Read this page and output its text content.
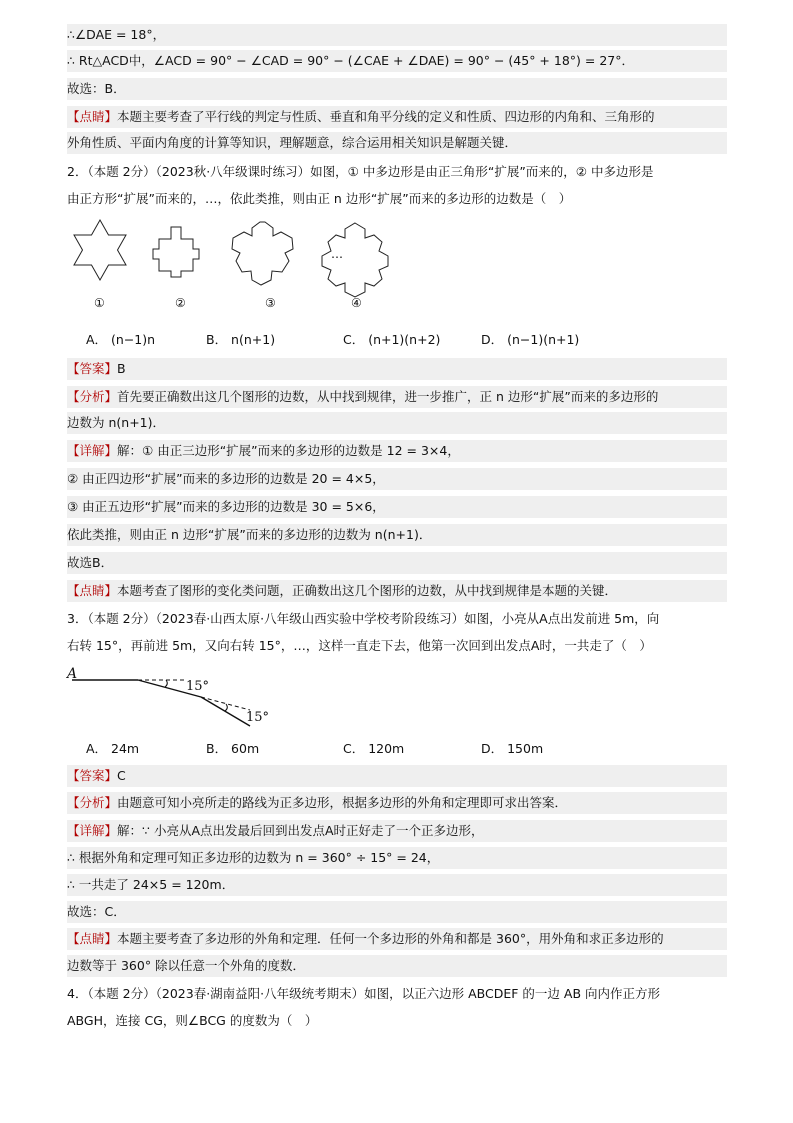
∴∠DAE = 18°，
∴ Rt△ACD中，∠ACD = 90° − ∠CAD = 90° − (∠CAE + ∠DAE) = 90° − (45° + 18°) = 27°．
故选：B．
【点睛】本题主要考查了平行线的判定与性质、垂直和角平分线的定义和性质、四边形的内角和、三角形的
外角性质、平面内角度的计算等知识，理解题意，综合运用相关知识是解题关键．
2．（本题 2分）（2023秋·八年级课时练习）如图，① 中多边形是由正三角形“扩展”而来的，② 中多边形是
由正方形“扩展”而来的，…，依此类推，则由正 n 边形“扩展”而来的多边形的边数是（　）
…
①	②	③	④
A． (n−1)n	B． n(n+1)	C． (n+1)(n+2)	D． (n−1)(n+1)
【答案】B
【分析】首先要正确数出这几个图形的边数，从中找到规律，进一步推广，正 n 边形“扩展”而来的多边形的
边数为 n(n+1)．
【详解】解：① 由正三边形“扩展”而来的多边形的边数是 12 = 3×4，
② 由正四边形“扩展”而来的多边形的边数是 20 = 4×5，
③ 由正五边形“扩展”而来的多边形的边数是 30 = 5×6，
依此类推，则由正 n 边形“扩展”而来的多边形的边数为 n(n+1)．
故选B．
【点睛】本题考查了图形的变化类问题，正确数出这几个图形的边数，从中找到规律是本题的关键．
3．（本题 2分）（2023春·山西太原·八年级山西实验中学校考阶段练习）如图，小亮从A点出发前进 5m，向
右转 15°，再前进 5m，又向右转 15°，…，这样一直走下去，他第一次回到出发点A时，一共走了（　）
A
15°
15°
A． 24m	B． 60m	C． 120m	D． 150m
【答案】C
【分析】由题意可知小亮所走的路线为正多边形，根据多边形的外角和定理即可求出答案．
【详解】解：∵ 小亮从A点出发最后回到出发点A时正好走了一个正多边形，
∴ 根据外角和定理可知正多边形的边数为 n = 360° ÷ 15° = 24，
∴ 一共走了 24×5 = 120m．
故选：C．
【点睛】本题主要考查了多边形的外角和定理．任何一个多边形的外角和都是 360°，用外角和求正多边形的
边数等于 360° 除以任意一个外角的度数．
4．（本题 2分）（2023春·湖南益阳·八年级统考期末）如图，以正六边形 ABCDEF 的一边 AB 向内作正方形
ABGH，连接 CG，则∠BCG 的度数为（　）
